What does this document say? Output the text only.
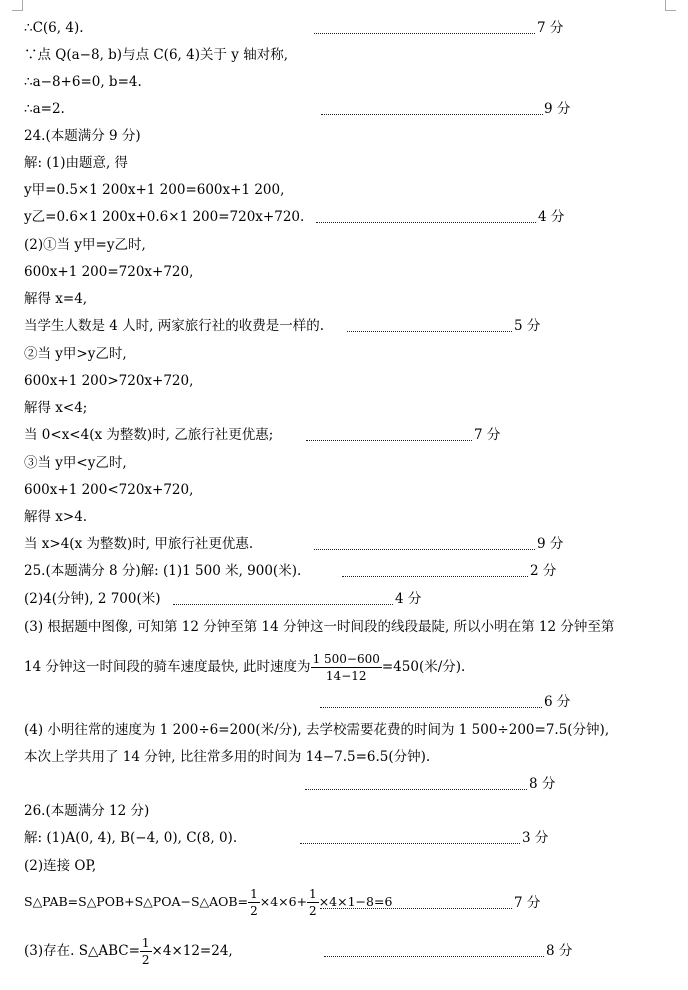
∴C(6, 4).	7 分
∵点 Q(a−8, b)与点 C(6, 4)关于 y 轴对称,
∴a−8+6=0, b=4.
∴a=2.	9 分
24.(本题满分 9 分)
解: (1)由题意, 得
y甲=0.5×1 200x+1 200=600x+1 200,
y乙=0.6×1 200x+0.6×1 200=720x+720.	4 分
(2)①当 y甲=y乙时,
600x+1 200=720x+720,
解得 x=4,
当学生人数是 4 人时, 两家旅行社的收费是一样的.	5 分
②当 y甲>y乙时,
600x+1 200>720x+720,
解得 x<4;
当 0<x<4(x 为整数)时, 乙旅行社更优惠;	7 分
③当 y甲<y乙时,
600x+1 200<720x+720,
解得 x>4.
当 x>4(x 为整数)时, 甲旅行社更优惠.	9 分
25.(本题满分 8 分)解: (1)1 500 米, 900(米).	2 分
(2)4(分钟), 2 700(米)	4 分
(3) 根据题中图像, 可知第 12 分钟至第 14 分钟这一时间段的线段最陡, 所以小明在第 12 分钟至第
14 分钟这一时间段的骑车速度最快, 此时速度为 $\frac{1 500-600}{14-12} =450$(米/分).
6 分
(4) 小明往常的速度为 1 200÷6=200(米/分), 去学校需要花费的时间为 1 500÷200=7.5(分钟),
本次上学共用了 14 分钟, 比往常多用的时间为 14−7.5=6.5(分钟).
8 分
26.(本题满分 12 分)
解: (1)A(0, 4), B(−4, 0), C(8, 0).	3 分
(2)连接 OP,
S△PAB=S△POB+S△POA−S△AOB= $\frac{1}{2} \times 4\times 6+ \frac{1}{2} \times 4\times 1-8=6$	7 分
(3)存在. S△ABC= $\frac{1}{2} \times 4\times 12=24$,	8 分
